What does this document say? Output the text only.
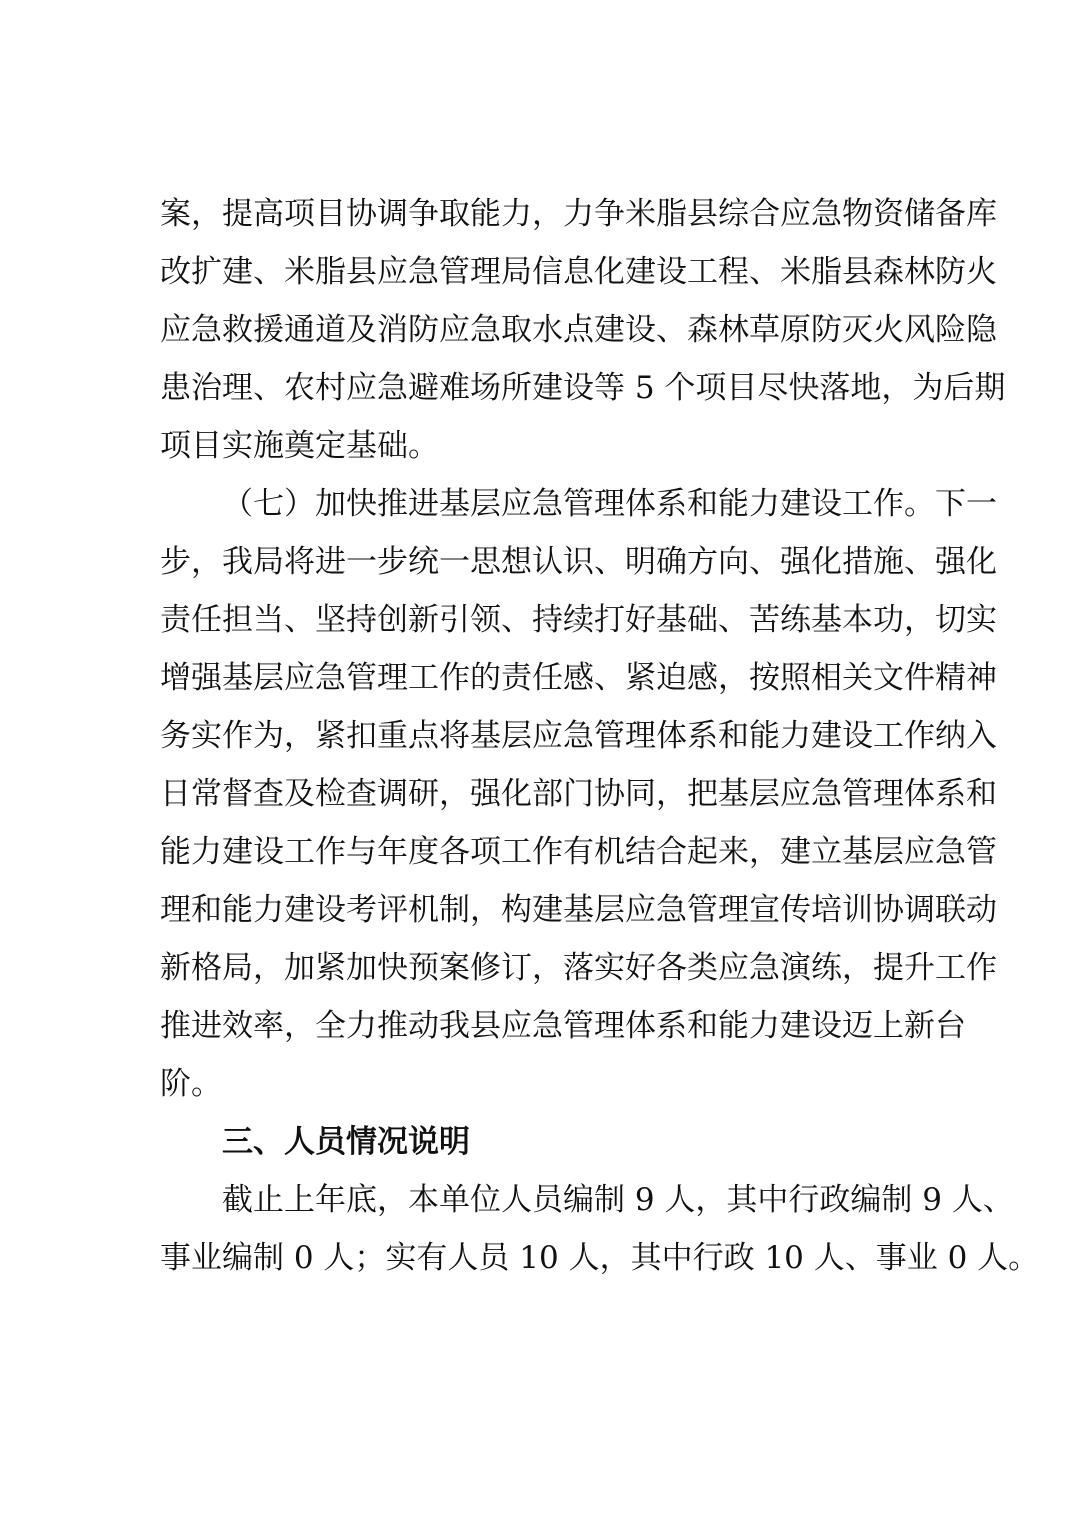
案，提高项目协调争取能力，力争米脂县综合应急物资储备库
改扩建、米脂县应急管理局信息化建设工程、米脂县森林防火
应急救援通道及消防应急取水点建设、森林草原防灭火风险隐
患治理、农村应急避难场所建设等 5 个项目尽快落地，为后期
项目实施奠定基础。
（七）加快推进基层应急管理体系和能力建设工作。下一
步，我局将进一步统一思想认识、明确方向、强化措施、强化
责任担当、坚持创新引领、持续打好基础、苦练基本功，切实
增强基层应急管理工作的责任感、紧迫感，按照相关文件精神
务实作为，紧扣重点将基层应急管理体系和能力建设工作纳入
日常督查及检查调研，强化部门协同，把基层应急管理体系和
能力建设工作与年度各项工作有机结合起来，建立基层应急管
理和能力建设考评机制，构建基层应急管理宣传培训协调联动
新格局，加紧加快预案修订，落实好各类应急演练，提升工作
推进效率，全力推动我县应急管理体系和能力建设迈上新台
阶。
三、人员情况说明
截止上年底，本单位人员编制 9 人，其中行政编制 9 人、
事业编制 0 人；实有人员 10 人，其中行政 10 人、事业 0 人。
